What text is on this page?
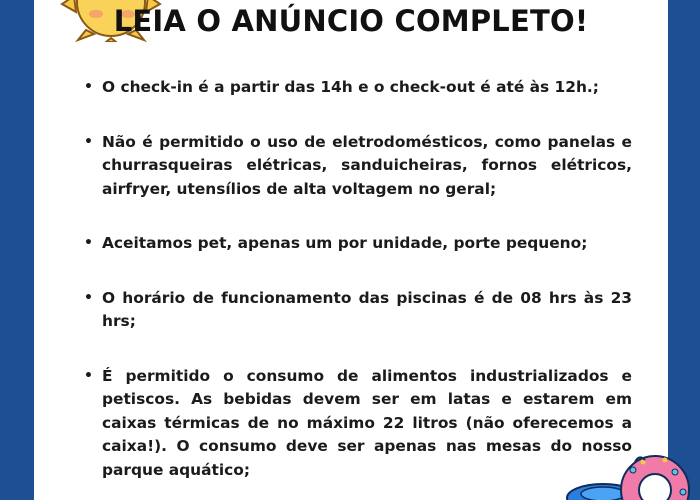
LEIA O ANÚNCIO COMPLETO!
• O check-in é a partir das 14h e o check-out é até às 12h.;
• Não é permitido o uso de eletrodomésticos, como panelas e churrasqueiras elétricas, sanduicheiras, fornos elétricos, airfryer, utensílios de alta voltagem no geral;
• Aceitamos pet, apenas um por unidade, porte pequeno;
• O horário de funcionamento das piscinas é de 08 hrs às 23 hrs;
• É permitido o consumo de alimentos industrializados e petiscos. As bebidas devem ser em latas e estarem em caixas térmicas de no máximo 22 litros (não oferecemos a caixa!). O consumo deve ser apenas nas mesas do nosso parque aquático;
